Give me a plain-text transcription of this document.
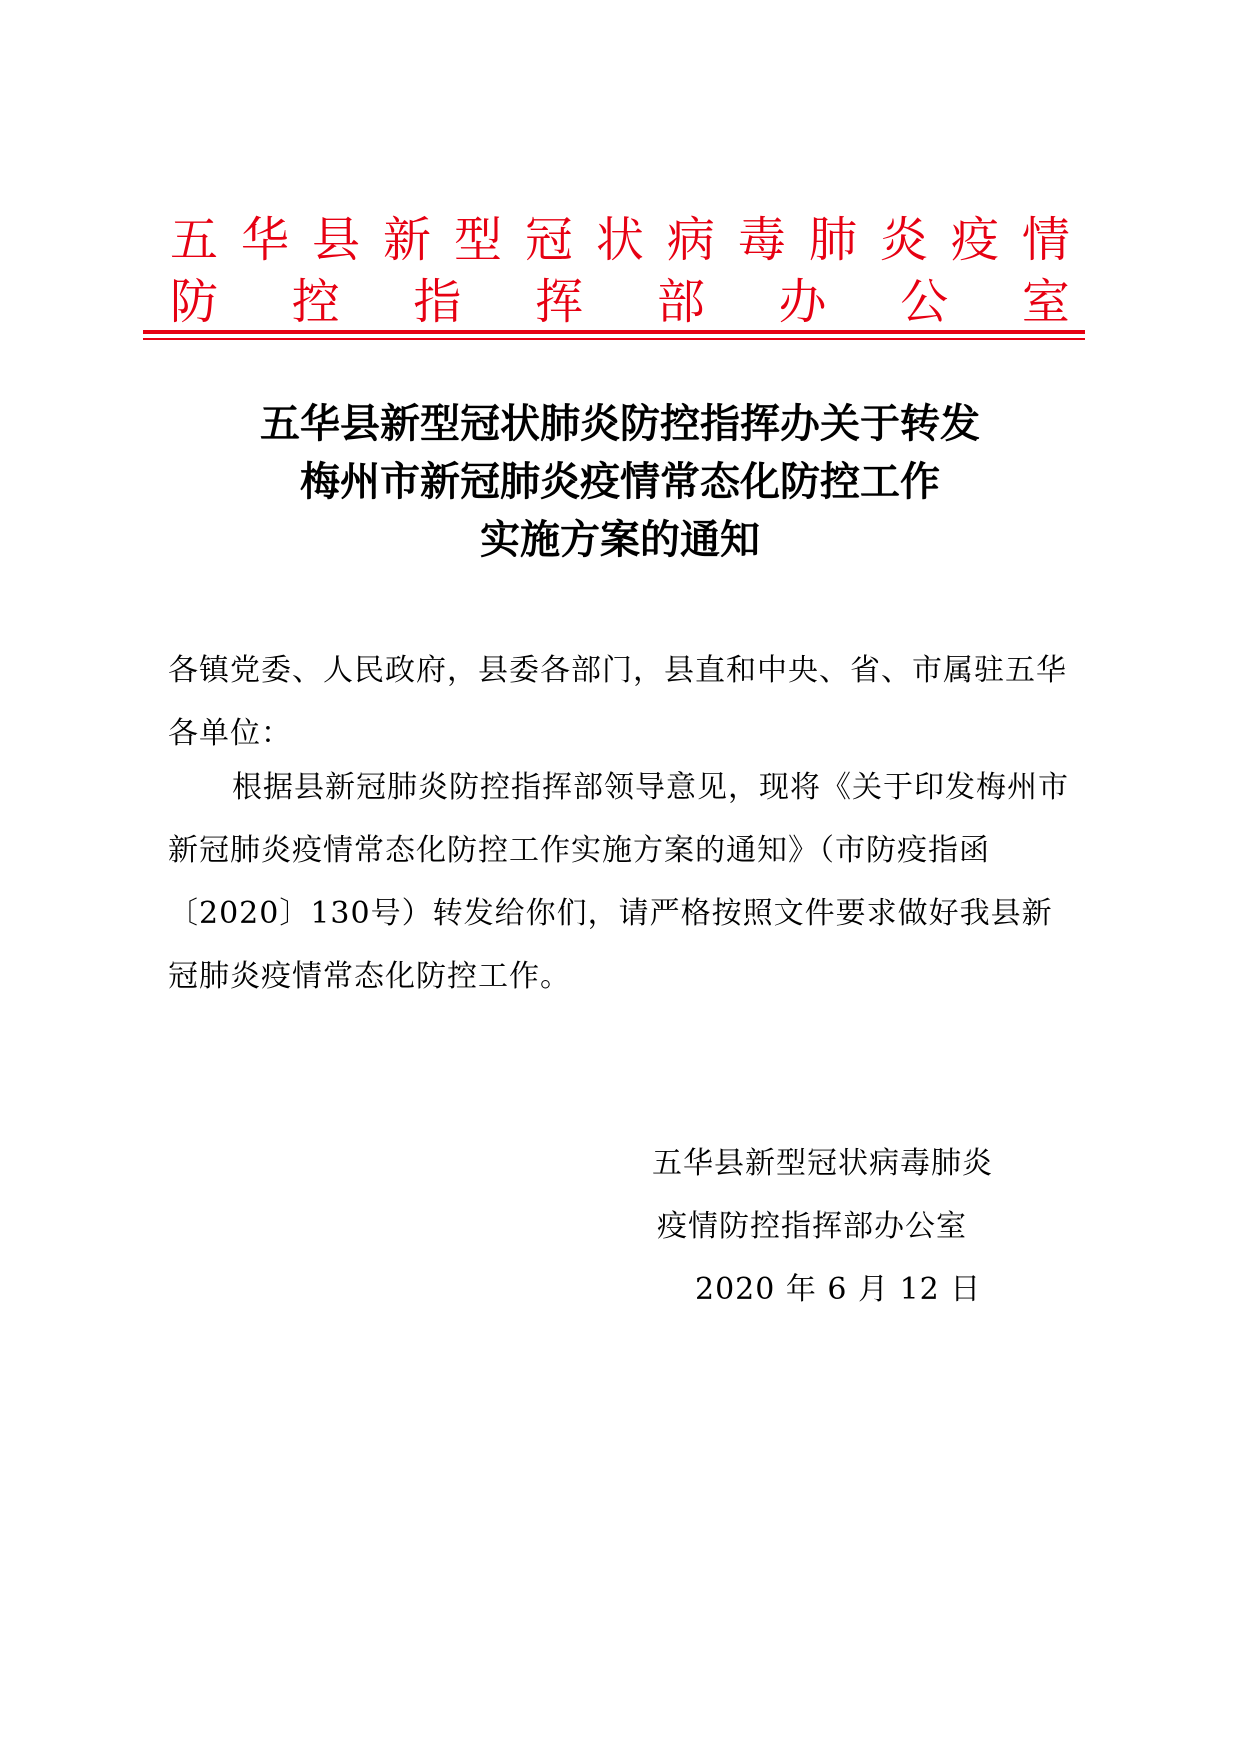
五 华 县 新 型 冠 状 病 毒 肺 炎 疫 情
防 控 指 挥 部 办 公 室
五华县新型冠状肺炎防控指挥办关于转发
梅州市新冠肺炎疫情常态化防控工作
实施方案的通知
各镇党委、人民政府，县委各部门，县直和中央、省、市属驻五华各单位：
根据县新冠肺炎防控指挥部领导意见，现将《关于印发梅州市新冠肺炎疫情常态化防控工作实施方案的通知》（市防疫指函〔2020〕130号）转发给你们，请严格按照文件要求做好我县新冠肺炎疫情常态化防控工作。
五华县新型冠状病毒肺炎
疫情防控指挥部办公室
2020 年 6 月 12 日
